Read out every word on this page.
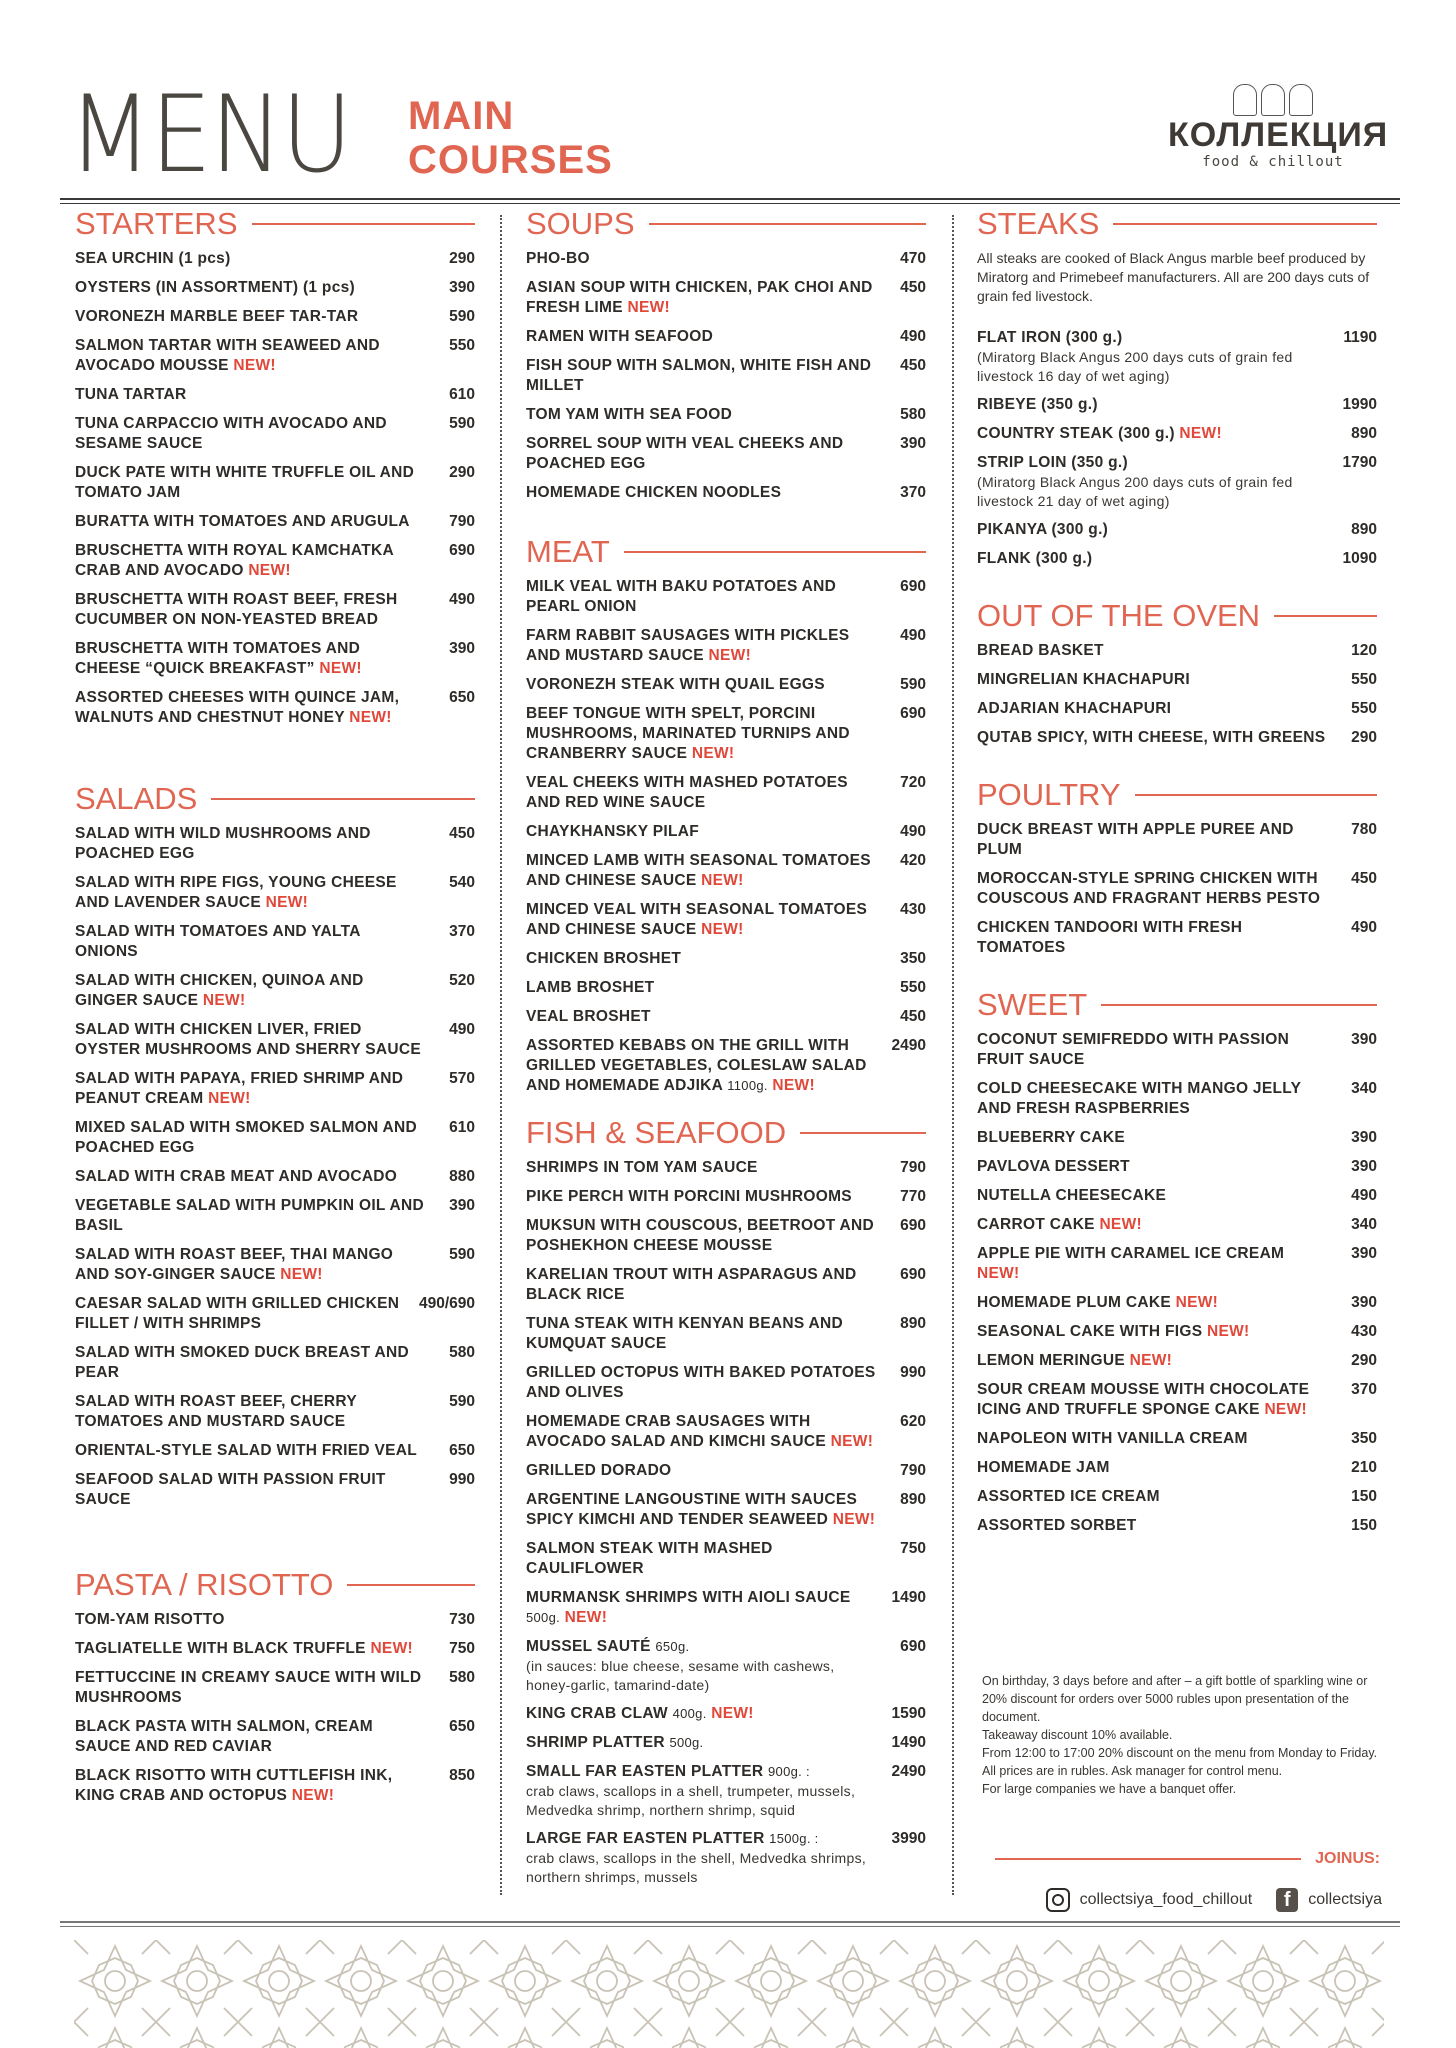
MENU MAIN
COURSES
КОЛЛЕКЦИЯ
food & chillout
STARTERS
SEA URCHIN (1 pcs)	290
OYSTERS (IN ASSORTMENT) (1 pcs)	390
VORONEZH MARBLE BEEF TAR-TAR	590
SALMON TARTAR WITH SEAWEED AND AVOCADO MOUSSE NEW!
550
TUNA TARTAR	610
TUNA CARPACCIO WITH AVOCADO AND SESAME SAUCE
590
DUCK PATE WITH WHITE TRUFFLE OIL AND TOMATO JAM
290
BURATTA WITH TOMATOES AND ARUGULA	790
BRUSCHETTA WITH ROYAL KAMCHATKA CRAB AND AVOCADO NEW!
690
BRUSCHETTA WITH ROAST BEEF, FRESH CUCUMBER ON NON-YEASTED BREAD
490
BRUSCHETTA WITH TOMATOES AND CHEESE “QUICK BREAKFAST” NEW!
390
ASSORTED CHEESES WITH QUINCE JAM, WALNUTS AND CHESTNUT HONEY NEW!
650
SALADS
SALAD WITH WILD MUSHROOMS AND POACHED EGG
450
SALAD WITH RIPE FIGS, YOUNG CHEESE AND LAVENDER SAUCE NEW!
540
SALAD WITH TOMATOES AND YALTA ONIONS
370
SALAD WITH CHICKEN, QUINOA AND GINGER SAUCE NEW!
520
SALAD WITH CHICKEN LIVER, FRIED OYSTER MUSHROOMS AND SHERRY SAUCE
490
SALAD WITH PAPAYA, FRIED SHRIMP AND PEANUT CREAM NEW!
570
MIXED SALAD WITH SMOKED SALMON AND POACHED EGG
610
SALAD WITH CRAB MEAT AND AVOCADO	880
VEGETABLE SALAD WITH PUMPKIN OIL AND BASIL
390
SALAD WITH ROAST BEEF, THAI MANGO AND SOY-GINGER SAUCE NEW!
590
CAESAR SALAD WITH GRILLED CHICKEN FILLET / WITH SHRIMPS
490/690
SALAD WITH SMOKED DUCK BREAST AND PEAR
580
SALAD WITH ROAST BEEF, CHERRY TOMATOES AND MUSTARD SAUCE
590
ORIENTAL-STYLE SALAD WITH FRIED VEAL	650
SEAFOOD SALAD WITH PASSION FRUIT SAUCE
990
PASTA / RISOTTO
TOM-YAM RISOTTO	730
TAGLIATELLE WITH BLACK TRUFFLE NEW!	750
FETTUCCINE IN CREAMY SAUCE WITH WILD MUSHROOMS
580
BLACK PASTA WITH SALMON, CREAM SAUCE AND RED CAVIAR
650
BLACK RISOTTO WITH CUTTLEFISH INK, KING CRAB AND OCTOPUS NEW!
850
SOUPS
PHO-BO	470
ASIAN SOUP WITH CHICKEN, PAK CHOI AND FRESH LIME NEW!
450
RAMEN WITH SEAFOOD	490
FISH SOUP WITH SALMON, WHITE FISH AND MILLET
450
TOM YAM WITH SEA FOOD	580
SORREL SOUP WITH VEAL CHEEKS AND POACHED EGG
390
HOMEMADE CHICKEN NOODLES	370
MEAT
MILK VEAL WITH BAKU POTATOES AND PEARL ONION
690
FARM RABBIT SAUSAGES WITH PICKLES AND MUSTARD SAUCE NEW!
490
VORONEZH STEAK WITH QUAIL EGGS	590
BEEF TONGUE WITH SPELT, PORCINI MUSHROOMS, MARINATED TURNIPS AND CRANBERRY SAUCE NEW!
690
VEAL CHEEKS WITH MASHED POTATOES AND RED WINE SAUCE
720
CHAYKHANSKY PILAF	490
MINCED LAMB WITH SEASONAL TOMATOES AND CHINESE SAUCE NEW!
420
MINCED VEAL WITH SEASONAL TOMATOES AND CHINESE SAUCE NEW!
430
CHICKEN BROSHET	350
LAMB BROSHET	550
VEAL BROSHET	450
ASSORTED KEBABS ON THE GRILL WITH GRILLED VEGETABLES, COLESLAW SALAD AND HOMEMADE ADJIKA 1100g. NEW!
2490
FISH & SEAFOOD
SHRIMPS IN TOM YAM SAUCE	790
PIKE PERCH WITH PORCINI MUSHROOMS	770
MUKSUN WITH COUSCOUS, BEETROOT AND POSHEKHON CHEESE MOUSSE
690
KARELIAN TROUT WITH ASPARAGUS AND BLACK RICE
690
TUNA STEAK WITH KENYAN BEANS AND KUMQUAT SAUCE
890
GRILLED OCTOPUS WITH BAKED POTATOES AND OLIVES
990
HOMEMADE CRAB SAUSAGES WITH AVOCADO SALAD AND KIMCHI SAUCE NEW!
620
GRILLED DORADO	790
ARGENTINE LANGOUSTINE WITH SAUCES SPICY KIMCHI AND TENDER SEAWEED NEW!
890
SALMON STEAK WITH MASHED CAULIFLOWER
750
MURMANSK SHRIMPS WITH AIOLI SAUCE 500g. NEW!
1490
MUSSEL SAUTÉ 650g.
(in sauces: blue cheese, sesame with cashews, honey-garlic, tamarind-date)
690
KING CRAB CLAW 400g. NEW!	1590
SHRIMP PLATTER 500g.	1490
SMALL FAR EASTEN PLATTER 900g. :
crab claws, scallops in a shell, trumpeter, mussels, Medvedka shrimp, northern shrimp, squid
2490
LARGE FAR EASTEN PLATTER 1500g. :
crab claws, scallops in the shell, Medvedka shrimps, northern shrimps, mussels
3990
STEAKS
All steaks are cooked of Black Angus marble beef produced by Miratorg and Primebeef manufacturers. All are 200 days cuts of grain fed livestock.
FLAT IRON (300 g.)
(Miratorg Black Angus 200 days cuts of grain fed livestock 16 day of wet aging)
1190
RIBEYE (350 g.)	1990
COUNTRY STEAK (300 g.) NEW!	890
STRIP LOIN (350 g.)
(Miratorg Black Angus 200 days cuts of grain fed livestock 21 day of wet aging)
1790
PIKANYA (300 g.)	890
FLANK (300 g.)	1090
OUT OF THE OVEN
BREAD BASKET	120
MINGRELIAN KHACHAPURI	550
ADJARIAN KHACHAPURI	550
QUTAB SPICY, WITH CHEESE, WITH GREENS	290
POULTRY
DUCK BREAST WITH APPLE PUREE AND PLUM
780
MOROCCAN-STYLE SPRING CHICKEN WITH COUSCOUS AND FRAGRANT HERBS PESTO
450
CHICKEN TANDOORI WITH FRESH TOMATOES
490
SWEET
COCONUT SEMIFREDDO WITH PASSION FRUIT SAUCE
390
COLD CHEESECAKE WITH MANGO JELLY AND FRESH RASPBERRIES
340
BLUEBERRY CAKE	390
PAVLOVA DESSERT	390
NUTELLA CHEESECAKE	490
CARROT CAKE NEW!	340
APPLE PIE WITH CARAMEL ICE CREAM NEW!
390
HOMEMADE PLUM CAKE NEW!	390
SEASONAL CAKE WITH FIGS NEW!	430
LEMON MERINGUE NEW!	290
SOUR CREAM MOUSSE WITH CHOCOLATE ICING AND TRUFFLE SPONGE CAKE NEW!
370
NAPOLEON WITH VANILLA CREAM	350
HOMEMADE JAM	210
ASSORTED ICE CREAM	150
ASSORTED SORBET	150
On birthday, 3 days before and after – a gift bottle of sparkling wine or 20% discount for orders over 5000 rubles upon presentation of the document.
Takeaway discount 10% available.
From 12:00 to 17:00 20% discount on the menu from Monday to Friday. All prices are in rubles. Ask manager for control menu.
For large companies we have a banquet offer.
JOINUS:
collectsiya_food_chillout	f	collectsiya
